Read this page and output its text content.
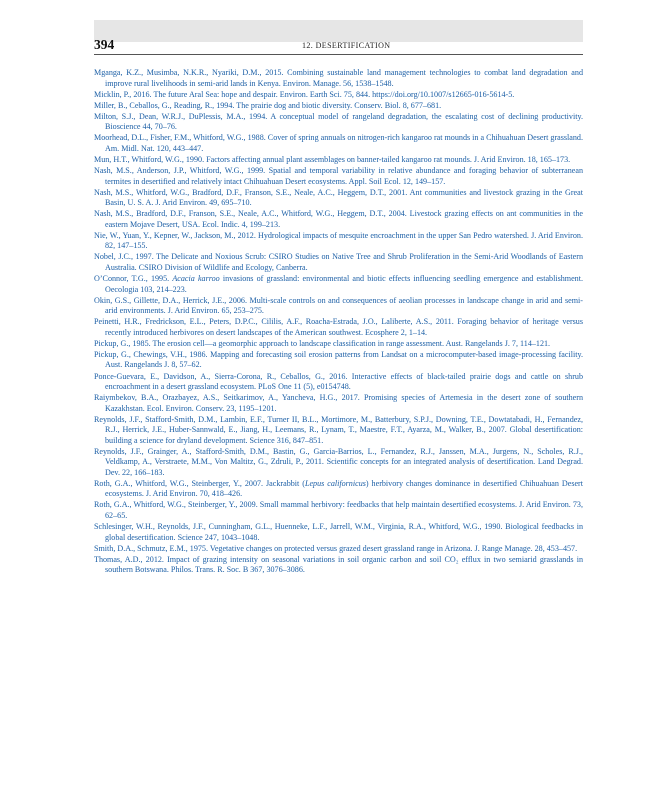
394	12. DESERTIFICATION
Mganga, K.Z., Musimba, N.K.R., Nyariki, D.M., 2015. Combining sustainable land management technologies to combat land degradation and improve rural livelihoods in semi-arid lands in Kenya. Environ. Manage. 56, 1538–1548.
Micklin, P., 2016. The future Aral Sea: hope and despair. Environ. Earth Sci. 75, 844. https://doi.org/10.1007/s12665-016-5614-5.
Miller, B., Ceballos, G., Reading, R., 1994. The prairie dog and biotic diversity. Conserv. Biol. 8, 677–681.
Milton, S.J., Dean, W.R.J., DuPlessis, M.A., 1994. A conceptual model of rangeland degradation, the escalating cost of declining productivity. Bioscience 44, 70–76.
Moorhead, D.L., Fisher, F.M., Whitford, W.G., 1988. Cover of spring annuals on nitrogen-rich kangaroo rat mounds in a Chihuahuan Desert grassland. Am. Midl. Nat. 120, 443–447.
Mun, H.T., Whitford, W.G., 1990. Factors affecting annual plant assemblages on banner-tailed kangaroo rat mounds. J. Arid Environ. 18, 165–173.
Nash, M.S., Anderson, J.P., Whitford, W.G., 1999. Spatial and temporal variability in relative abundance and foraging behavior of subterranean termites in desertified and relatively intact Chihuahuan Desert ecosystems. Appl. Soil Ecol. 12, 149–157.
Nash, M.S., Whitford, W.G., Bradford, D.F., Franson, S.E., Neale, A.C., Heggem, D.T., 2001. Ant communities and livestock grazing in the Great Basin, U. S. A. J. Arid Environ. 49, 695–710.
Nash, M.S., Bradford, D.F., Franson, S.E., Neale, A.C., Whitford, W.G., Heggem, D.T., 2004. Livestock grazing effects on ant communities in the eastern Mojave Desert, USA. Ecol. Indic. 4, 199–213.
Nie, W., Yuan, Y., Kepner, W., Jackson, M., 2012. Hydrological impacts of mesquite encroachment in the upper San Pedro watershed. J. Arid Environ. 82, 147–155.
Nobel, J.C., 1997. The Delicate and Noxious Scrub: CSIRO Studies on Native Tree and Shrub Proliferation in the Semi-Arid Woodlands of Eastern Australia. CSIRO Division of Wildlife and Ecology, Canberra.
O’Connor, T.G., 1995. Acacia karroo invasions of grassland: environmental and biotic effects influencing seedling emergence and establishment. Oecologia 103, 214–223.
Okin, G.S., Gillette, D.A., Herrick, J.E., 2006. Multi-scale controls on and consequences of aeolian processes in landscape change in arid and semi-arid environments. J. Arid Environ. 65, 253–275.
Peinetti, H.R., Fredrickson, E.L., Peters, D.P.C., Cililis, A.F., Roacha-Estrada, J.O., Laliberte, A.S., 2011. Foraging behavior of heritage versus recently introduced herbivores on desert landscapes of the American southwest. Ecosphere 2, 1–14.
Pickup, G., 1985. The erosion cell—a geomorphic approach to landscape classification in range assessment. Aust. Rangelands J. 7, 114–121.
Pickup, G., Chewings, V.H., 1986. Mapping and forecasting soil erosion patterns from Landsat on a microcomputer-based image-processing facility. Aust. Rangelands J. 8, 57–62.
Ponce-Guevara, E., Davidson, A., Sierra-Corona, R., Ceballos, G., 2016. Interactive effects of black-tailed prairie dogs and cattle on shrub encroachment in a desert grassland ecosystem. PLoS One 11 (5), e0154748.
Raiymbekov, B.A., Orazbayez, A.S., Seitkarimov, A., Yancheva, H.G., 2017. Promising species of Artemesia in the desert zone of southern Kazakhstan. Ecol. Environ. Conserv. 23, 1195–1201.
Reynolds, J.F., Stafford-Smith, D.M., Lambin, E.F., Turner II, B.L., Mortimore, M., Batterbury, S.P.J., Downing, T.E., Dowtatabadi, H., Fernandez, R.J., Herrick, J.E., Huber-Sannwald, E., Jiang, H., Leemans, R., Lynam, T., Maestre, F.T., Ayarza, M., Walker, B., 2007. Global desertification: building a science for dryland development. Science 316, 847–851.
Reynolds, J.F., Grainger, A., Stafford-Smith, D.M., Bastin, G., Garcia-Barrios, L., Fernandez, R.J., Janssen, M.A., Jurgens, N., Scholes, R.J., Veldkamp, A., Verstraete, M.M., Von Maltitz, G., Zdruli, P., 2011. Scientific concepts for an integrated analysis of desertification. Land Degrad. Dev. 22, 166–183.
Roth, G.A., Whitford, W.G., Steinberger, Y., 2007. Jackrabbit (Lepus californicus) herbivory changes dominance in desertified Chihuahuan Desert ecosystems. J. Arid Environ. 70, 418–426.
Roth, G.A., Whitford, W.G., Steinberger, Y., 2009. Small mammal herbivory: feedbacks that help maintain desertified ecosystems. J. Arid Environ. 73, 62–65.
Schlesinger, W.H., Reynolds, J.F., Cunningham, G.L., Huenneke, L.F., Jarrell, W.M., Virginia, R.A., Whitford, W.G., 1990. Biological feedbacks in global desertification. Science 247, 1043–1048.
Smith, D.A., Schmutz, E.M., 1975. Vegetative changes on protected versus grazed desert grassland range in Arizona. J. Range Manage. 28, 453–457.
Thomas, A.D., 2012. Impact of grazing intensity on seasonal variations in soil organic carbon and soil CO₂ efflux in two semiarid grasslands in southern Botswana. Philos. Trans. R. Soc. B 367, 3076–3086.
